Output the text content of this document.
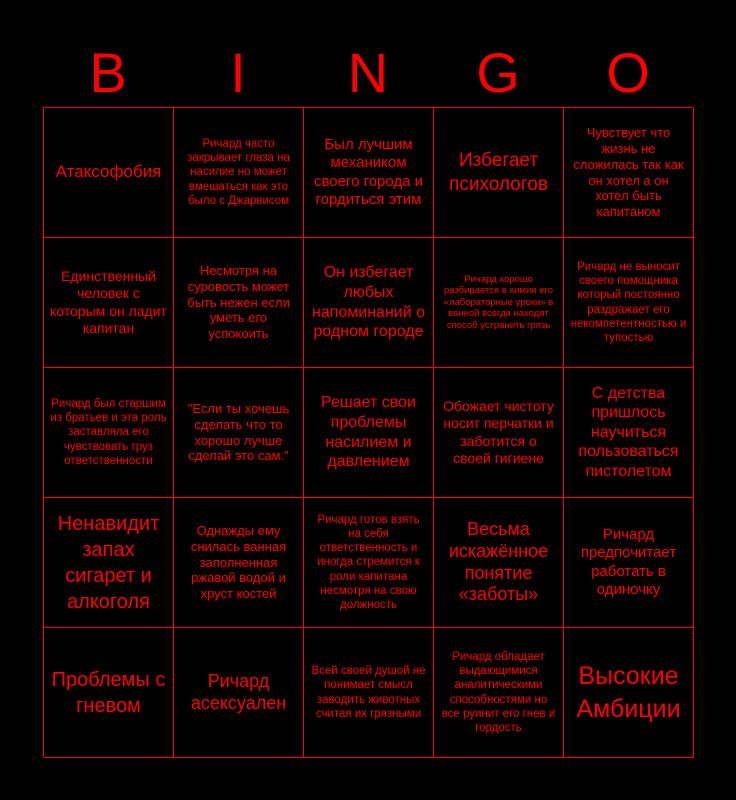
B	I	N	G	O
Атаксофобия
Ричард часто закрывает глаза на насилие но может вмешаться как это было с Джарвисом
Был лучшим механиком своего города и гордиться этим
Избегает психологов
Чувствует что жизнь не сложилась так как он хотел а он хотел быть капитаном
Единственный человек с которым он ладит капитан
Несмотря на суровость может быть нежен если уметь его успокоить
Он избегает любых напоминаний о родном городе
Ричард хорошо разбирается в химии его «лабораторные уроки» в ванной всегда находят способ устранить грязь
Ричард не выносит своего помощника который постоянно раздражает его некомпетентностью и тупостью
Ричард был старшим из братьев и эта роль заставляла его чувствовать груз ответственности
"Если ты хочешь сделать что то хорошо лучше сделай это сам."
Решает свои проблемы насилием и давлением
Обожает чистоту носит перчатки и заботится о своей гигиене
С детства пришлось научиться пользоваться пистолетом
Ненавидит запах сигарет и алкоголя
Однажды ему снилась ванная заполненная ржавой водой и хруст костей
Ричард готов взять на себя ответственность и иногда стремится к роли капитана несмотря на свою должность
Весьма искажённое понятие «заботы»
Ричард предпочитает работать в одиночку
Проблемы с гневом
Ричард асексуален
Всей своей душой не понимает смысл заводить животных считая их грязными
Ричард обладает выдающимися аналитическими способностями но все руинит его гнев и гордость
Высокие Амбиции
